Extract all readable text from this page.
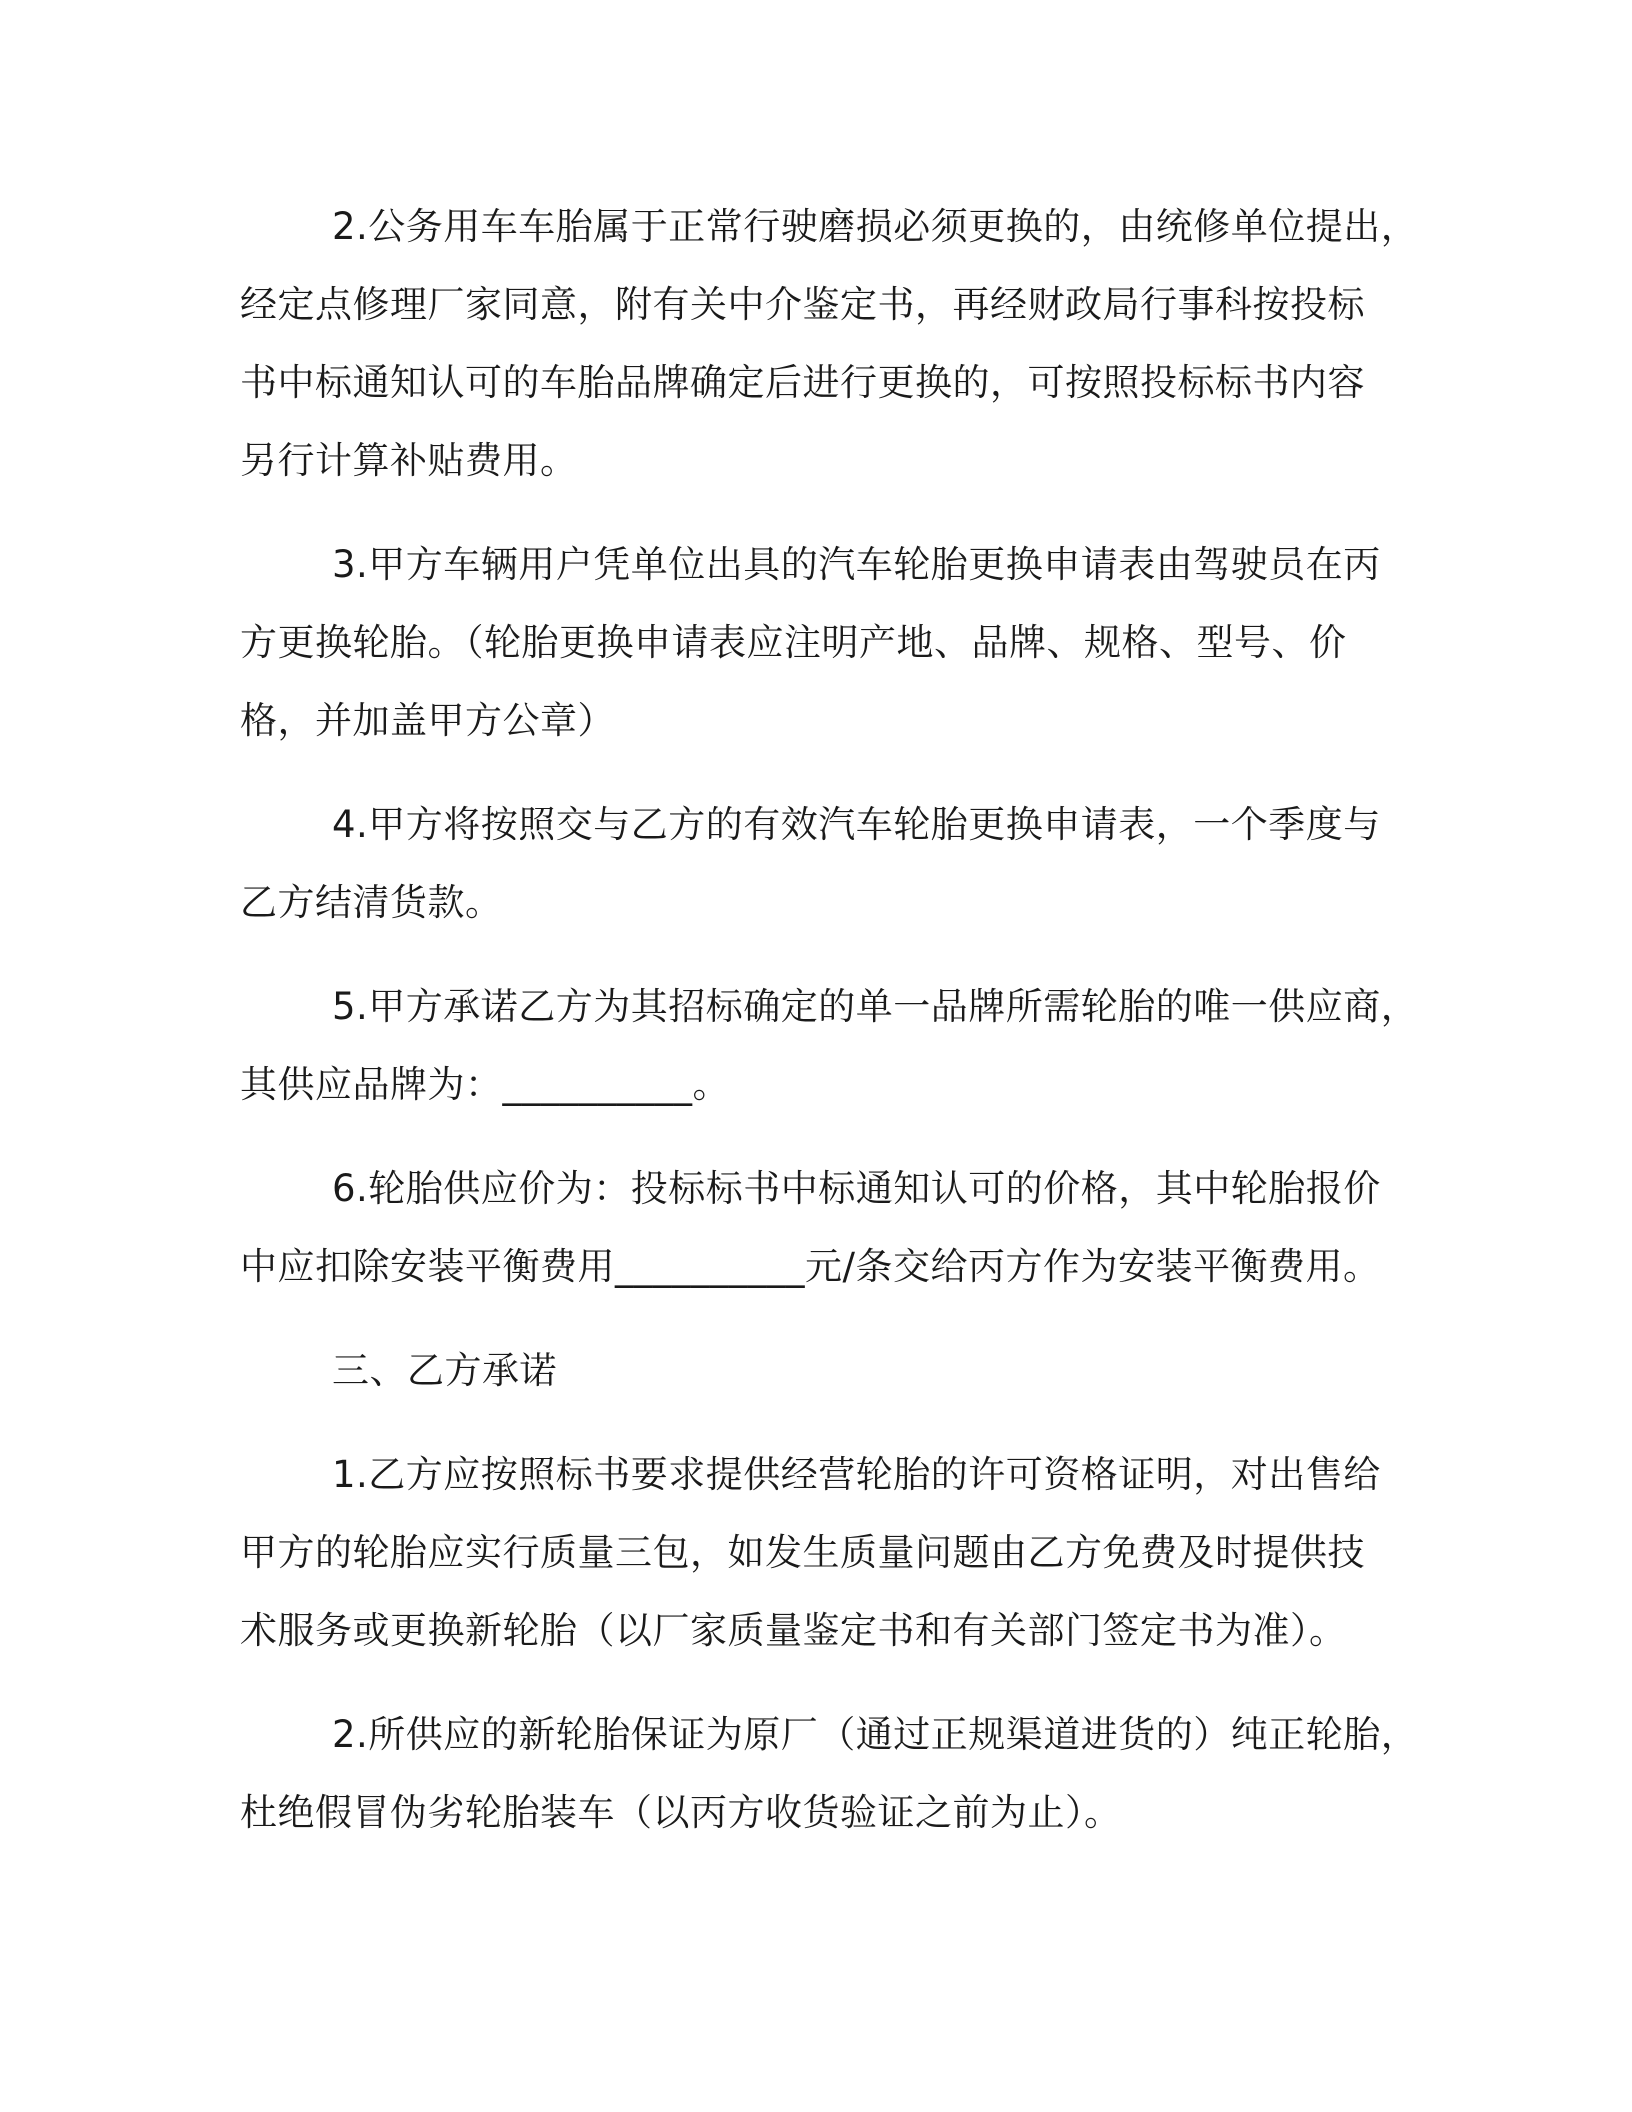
2.公务用车车胎属于正常行驶磨损必须更换的，由统修单位提出，
经定点修理厂家同意，附有关中介鉴定书，再经财政局行事科按投标
书中标通知认可的车胎品牌确定后进行更换的，可按照投标标书内容
另行计算补贴费用。

3.甲方车辆用户凭单位出具的汽车轮胎更换申请表由驾驶员在丙
方更换轮胎。（轮胎更换申请表应注明产地、品牌、规格、型号、价
格，并加盖甲方公章）

4.甲方将按照交与乙方的有效汽车轮胎更换申请表，一个季度与
乙方结清货款。

5.甲方承诺乙方为其招标确定的单一品牌所需轮胎的唯一供应商，
其供应品牌为：__________。

6.轮胎供应价为：投标标书中标通知认可的价格，其中轮胎报价
中应扣除安装平衡费用__________元/条交给丙方作为安装平衡费用。

三、乙方承诺

1.乙方应按照标书要求提供经营轮胎的许可资格证明，对出售给
甲方的轮胎应实行质量三包，如发生质量问题由乙方免费及时提供技
术服务或更换新轮胎（以厂家质量鉴定书和有关部门签定书为准）。

2.所供应的新轮胎保证为原厂（通过正规渠道进货的）纯正轮胎，
杜绝假冒伪劣轮胎装车（以丙方收货验证之前为止）。
